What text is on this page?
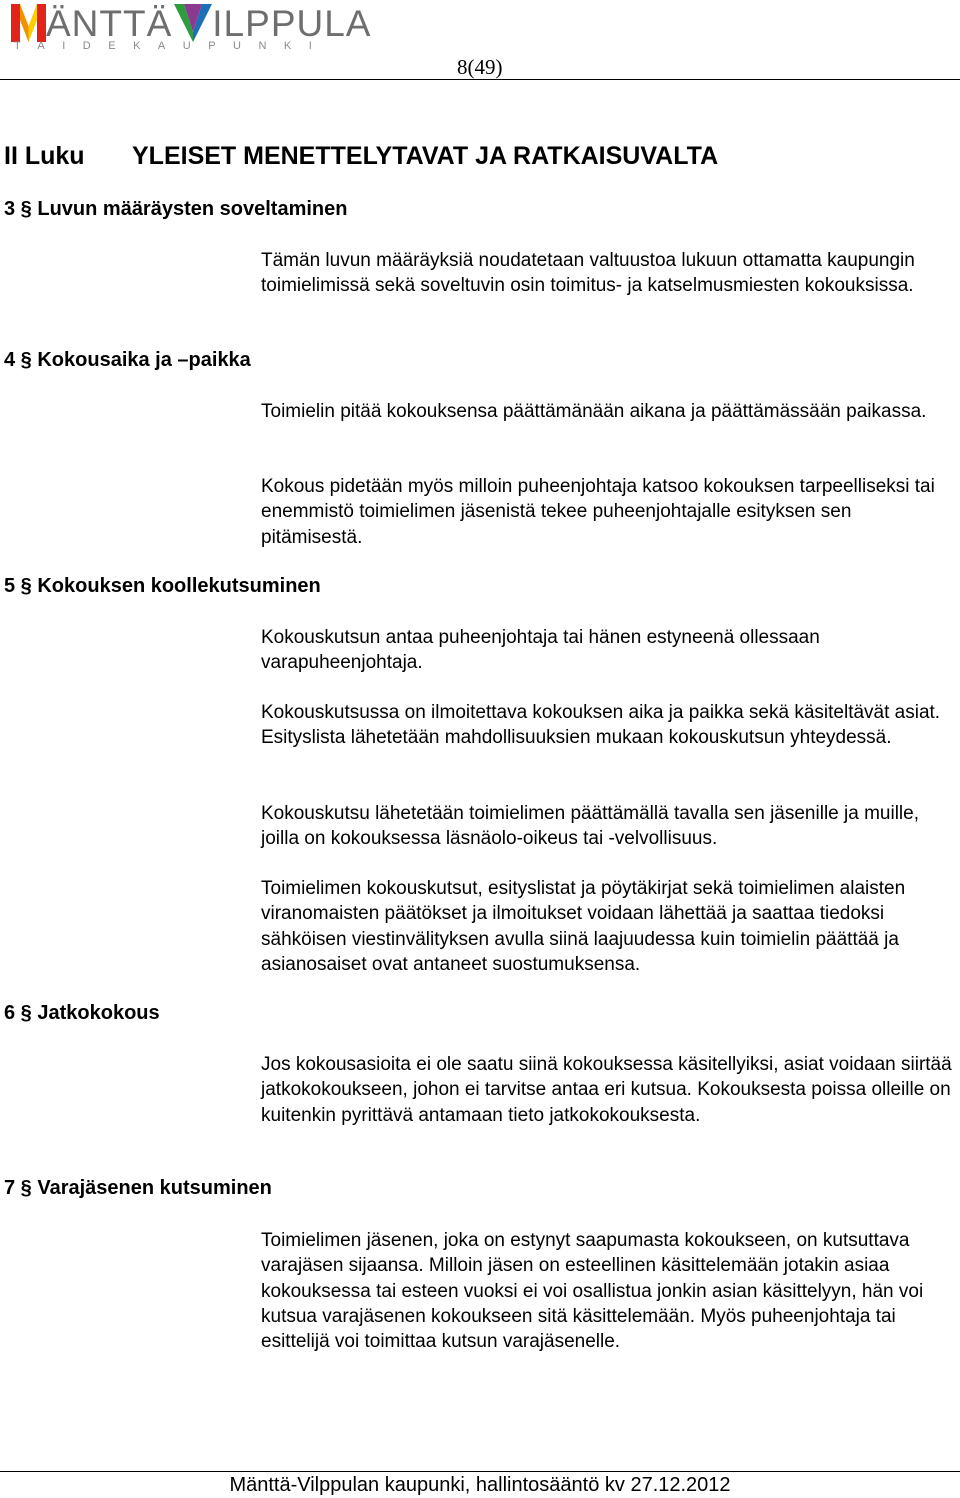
ÄNTTÄ ILPPULA
TAIDEKAUPUNKI
8(49)
II Luku YLEISET MENETTELYTAVAT JA RATKAISUVALTA
3 § Luvun määräysten soveltaminen
4 § Kokousaika ja –paikka
5 § Kokouksen koollekutsuminen
6 § Jatkokokous
7 § Varajäsenen kutsuminen

Tämän luvun määräyksiä noudatetaan valtuustoa lukuun ottamatta kaupungin toimielimissä sekä soveltuvin osin toimitus- ja katselmusmiesten kokouksissa.

Toimielin pitää kokouksensa päättämänään aikana ja päättämässään paikassa.

Kokous pidetään myös milloin puheenjohtaja katsoo kokouksen tarpeelliseksi tai enemmistö toimielimen jäsenistä tekee puheenjohtajalle esityksen sen pitämisestä.

Kokouskutsun antaa puheenjohtaja tai hänen estyneenä ollessaan varapuheenjohtaja.

Kokouskutsussa on ilmoitettava kokouksen aika ja paikka sekä käsiteltävät asiat. Esityslista lähetetään mahdollisuuksien mukaan kokouskutsun yhteydessä.

Kokouskutsu lähetetään toimielimen päättämällä tavalla sen jäsenille ja muille, joilla on kokouksessa läsnäolo-oikeus tai -velvollisuus.

Toimielimen kokouskutsut, esityslistat ja pöytäkirjat sekä toimielimen alaisten viranomaisten päätökset ja ilmoitukset voidaan lähettää ja saattaa tiedoksi sähköisen viestinvälityksen avulla siinä laajuudessa kuin toimielin päättää ja asianosaiset ovat antaneet suostumuksensa.

Jos kokousasioita ei ole saatu siinä kokouksessa käsitellyiksi, asiat voidaan siirtää jatkokokoukseen, johon ei tarvitse antaa eri kutsua. Kokouksesta poissa olleille on kuitenkin pyrittävä antamaan tieto jatkokokouksesta.

Toimielimen jäsenen, joka on estynyt saapumasta kokoukseen, on kutsuttava varajäsen sijaansa. Milloin jäsen on esteellinen käsittelemään jotakin asiaa kokouksessa tai esteen vuoksi ei voi osallistua jonkin asian käsittelyyn, hän voi kutsua varajäsenen kokoukseen sitä käsittelemään. Myös puheenjohtaja tai esittelijä voi toimittaa kutsun varajäsenelle.

Mänttä-Vilppulan kaupunki, hallintosääntö kv 27.12.2012
